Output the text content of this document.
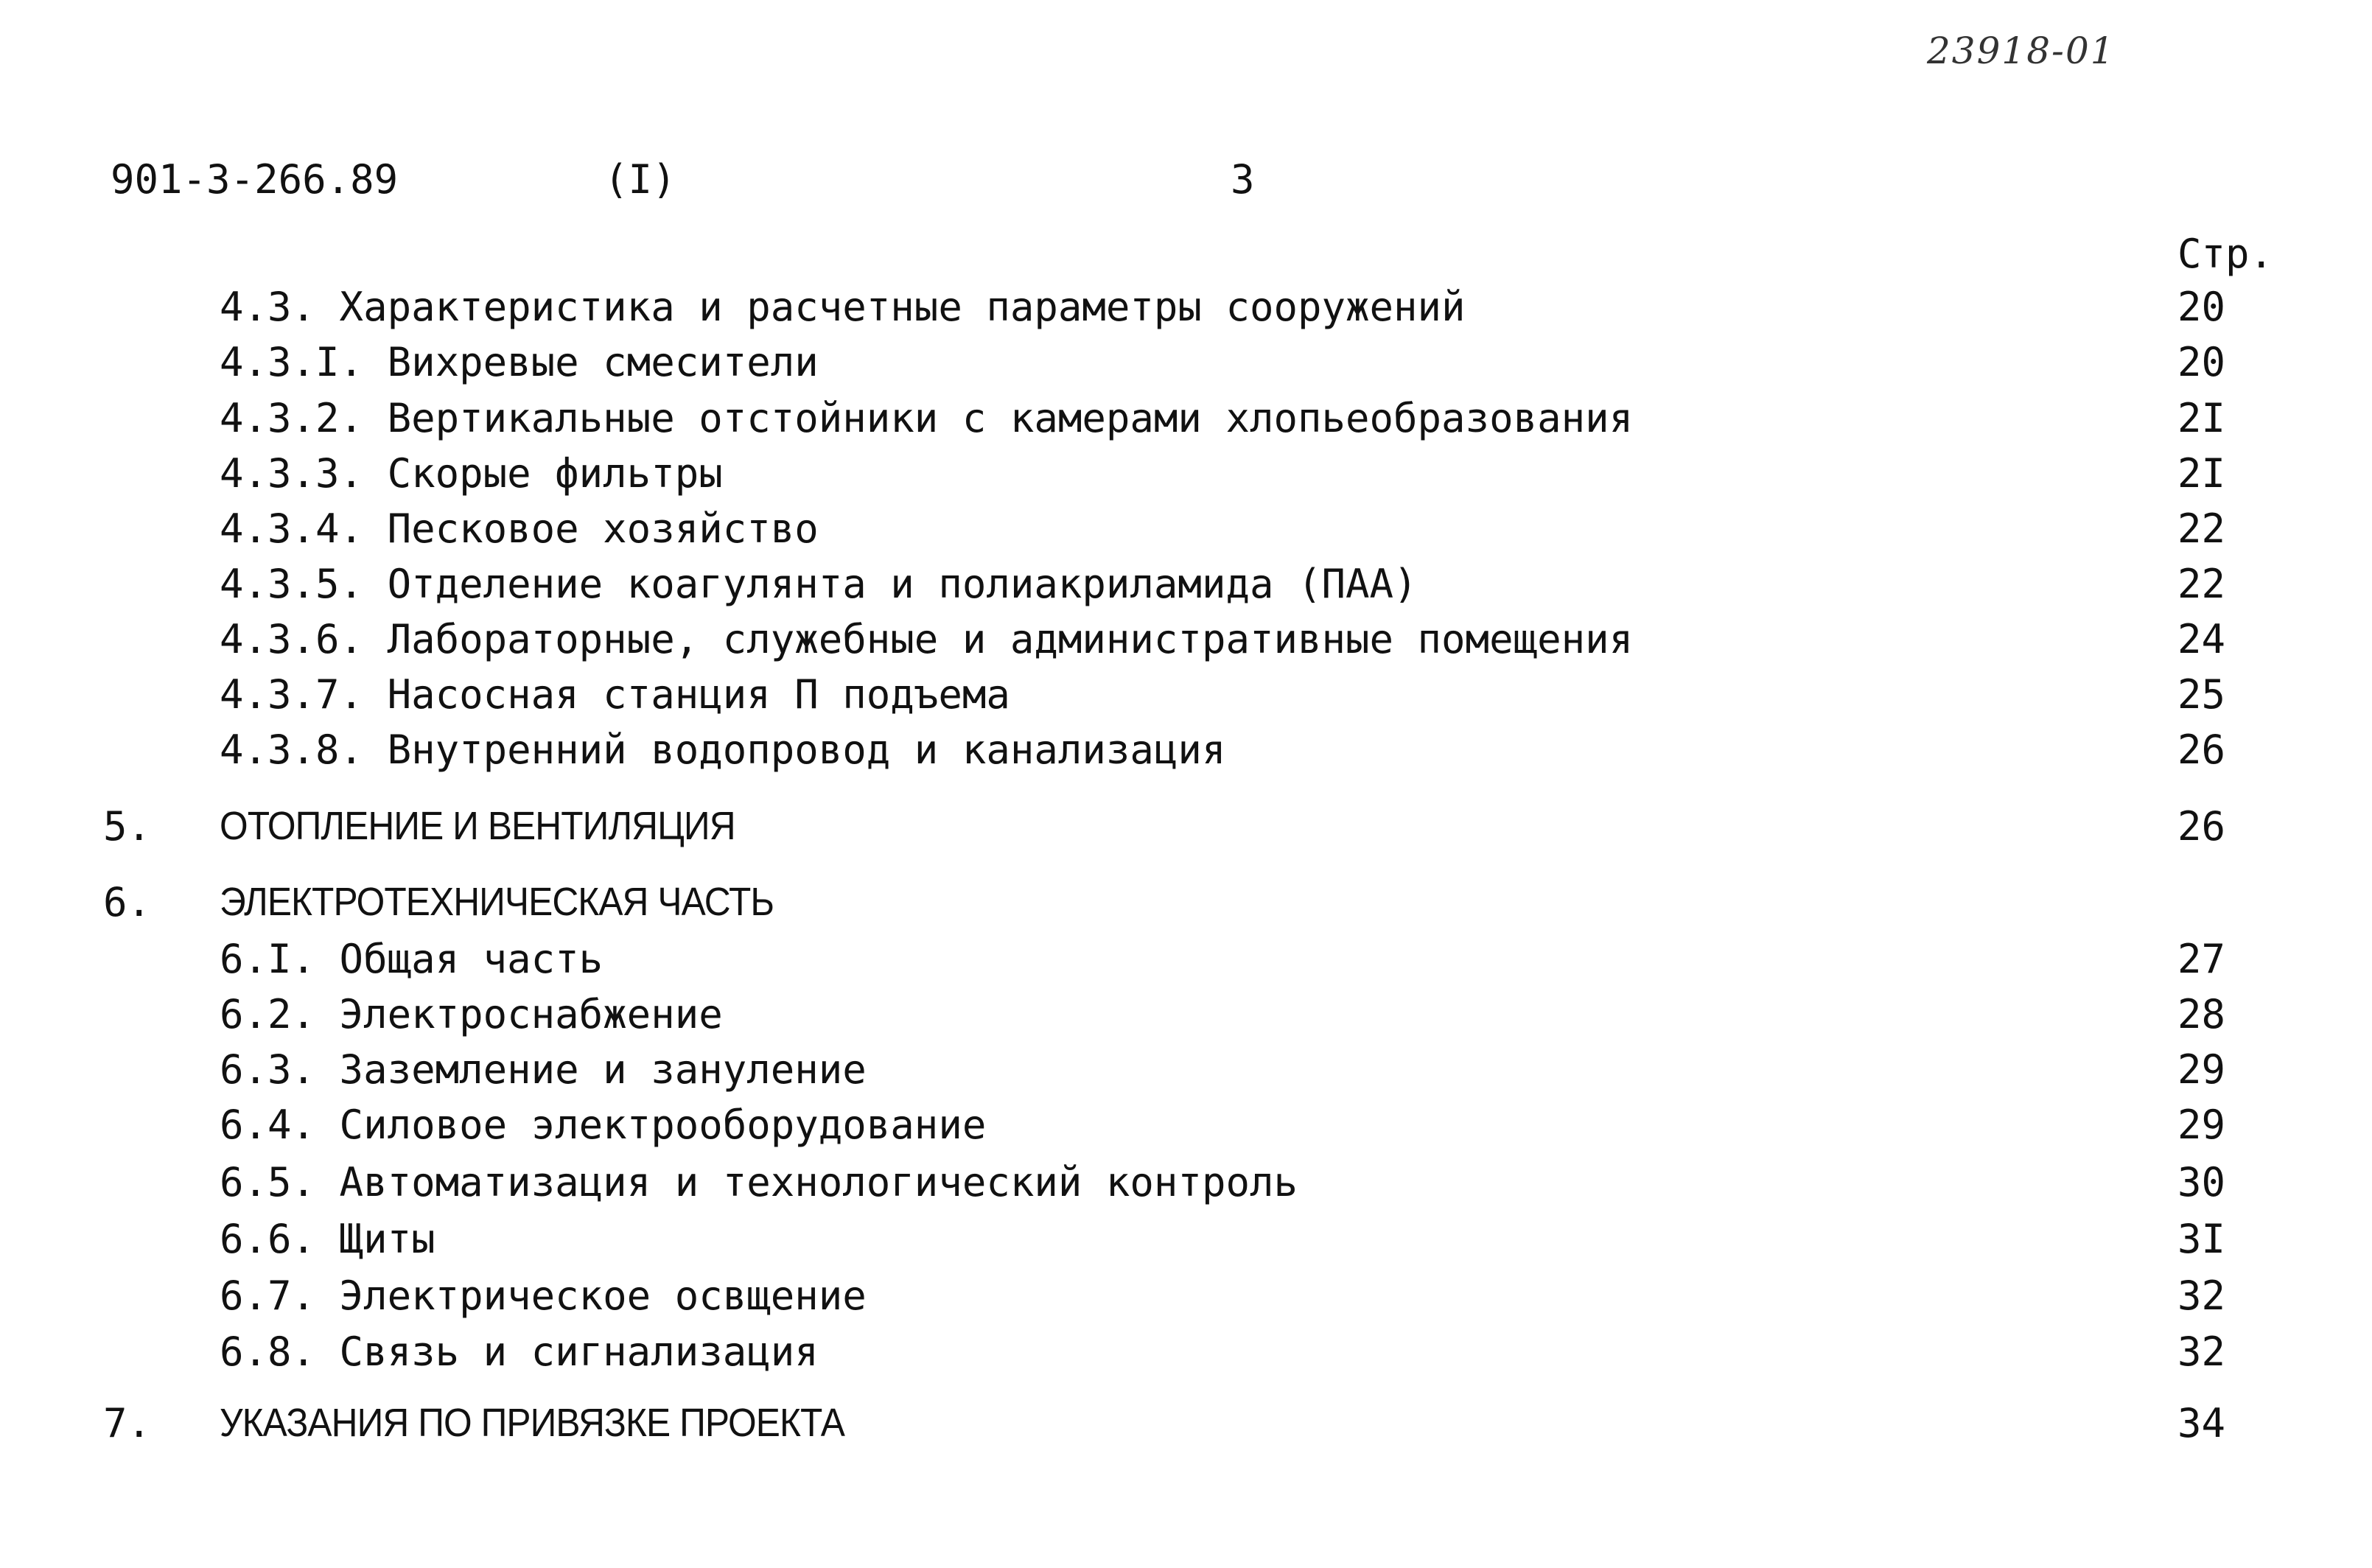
23918-01
901-3-266.89	(I)	3
Стр.
4.3. Характеристика и расчетные параметры сооружений	20
4.3.I. Вихревые смесители	20
4.3.2. Вертикальные отстойники с камерами хлопьеобразования	2I
4.3.3. Скорые фильтры	2I
4.3.4. Песковое хозяйство	22
4.3.5. Отделение коагулянта и полиакриламида (ПАА)	22
4.3.6. Лабораторные, служебные и административные помещения	24
4.3.7. Насосная станция П подъема	25
4.3.8. Внутренний водопровод и канализация	26
5. ОТОПЛЕНИЕ И ВЕНТИЛЯЦИЯ	26
6. ЭЛЕКТРОТЕХНИЧЕСКАЯ ЧАСТЬ
6.I. Общая часть	27
6.2. Электроснабжение	28
6.3. Заземление и зануление	29
6.4. Силовое электрооборудование	29
6.5. Автоматизация и технологический контроль	30
6.6. Щиты	3I
6.7. Электрическое освщение	32
6.8. Связь и сигнализация	32
7. УКАЗАНИЯ ПО ПРИВЯЗКЕ ПРОЕКТА	34
